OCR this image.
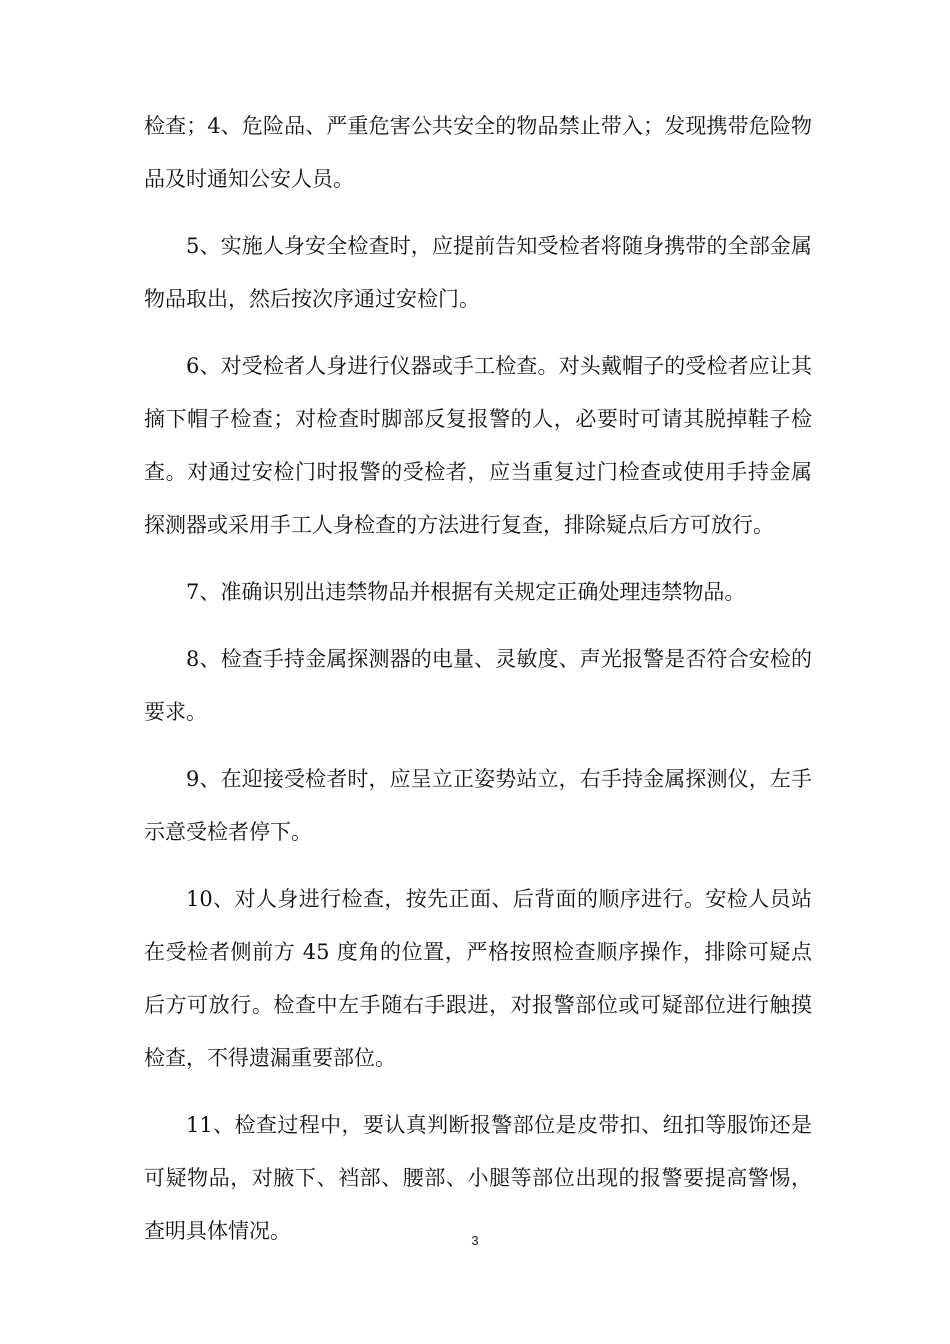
检查；4、危险品、严重危害公共安全的物品禁止带入；发现携带危险物品及时通知公安人员。

5、实施人身安全检查时，应提前告知受检者将随身携带的全部金属物品取出，然后按次序通过安检门。

6、对受检者人身进行仪器或手工检查。对头戴帽子的受检者应让其摘下帽子检查；对检查时脚部反复报警的人，必要时可请其脱掉鞋子检查。对通过安检门时报警的受检者，应当重复过门检查或使用手持金属探测器或采用手工人身检查的方法进行复查，排除疑点后方可放行。

7、准确识别出违禁物品并根据有关规定正确处理违禁物品。

8、检查手持金属探测器的电量、灵敏度、声光报警是否符合安检的要求。

9、在迎接受检者时，应呈立正姿势站立，右手持金属探测仪，左手示意受检者停下。

10、对人身进行检查，按先正面、后背面的顺序进行。安检人员站在受检者侧前方 45 度角的位置，严格按照检查顺序操作，排除可疑点后方可放行。检查中左手随右手跟进，对报警部位或可疑部位进行触摸检查，不得遗漏重要部位。

11、检查过程中，要认真判断报警部位是皮带扣、纽扣等服饰还是可疑物品，对腋下、裆部、腰部、小腿等部位出现的报警要提高警惕，查明具体情况。	3
